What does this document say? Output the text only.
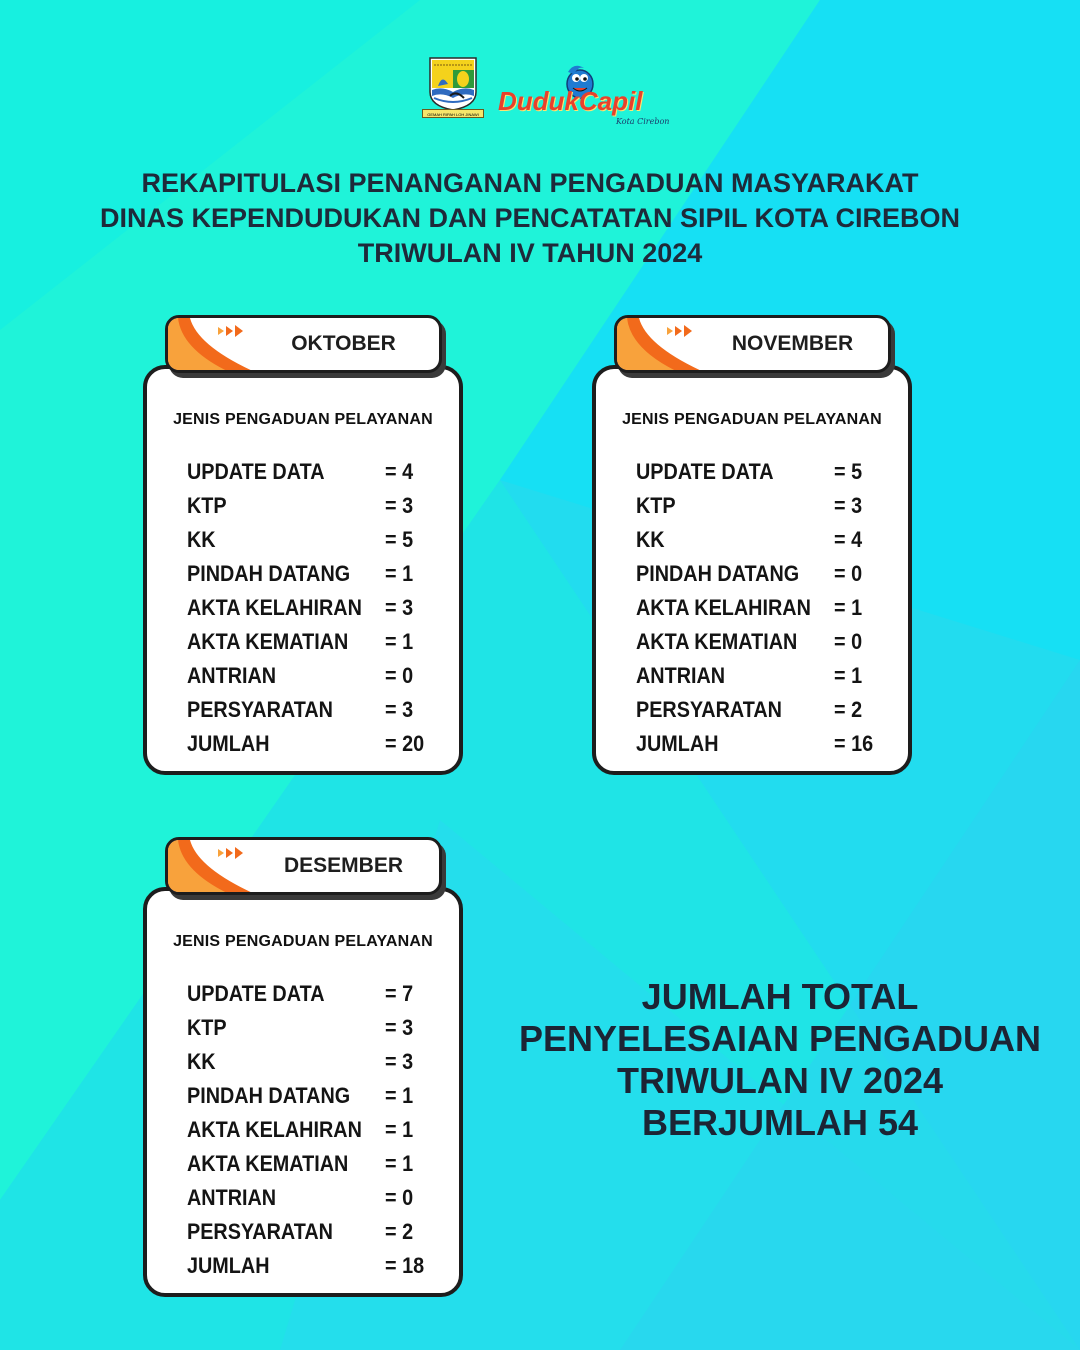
GEMAH RIPAH LOH JINAWI DudukCapil
Kota Cirebon
REKAPITULASI PENANGANAN PENGADUAN MASYARAKAT
DINAS KEPENDUDUKAN DAN PENCATATAN SIPIL KOTA CIREBON
TRIWULAN IV TAHUN 2024
JENIS PENGADUAN PELAYANAN
UPDATE DATA	= 4
KTP	= 3
KK	= 5
PINDAH DATANG = 1
AKTA KELAHIRAN = 3
AKTA KEMATIAN = 1
ANTRIAN	= 0
PERSYARATAN = 3
JUMLAH	= 20
OKTOBER
JENIS PENGADUAN PELAYANAN
UPDATE DATA	= 5
KTP	= 3
KK	= 4
PINDAH DATANG = 0
AKTA KELAHIRAN = 1
AKTA KEMATIAN = 0
ANTRIAN	= 1
PERSYARATAN = 2
JUMLAH	= 16
NOVEMBER
JENIS PENGADUAN PELAYANAN
UPDATE DATA	= 7
KTP	= 3
KK	= 3
PINDAH DATANG = 1
AKTA KELAHIRAN = 1
AKTA KEMATIAN = 1
ANTRIAN	= 0
PERSYARATAN = 2
JUMLAH	= 18
DESEMBER
JUMLAH TOTAL
PENYELESAIAN PENGADUAN
TRIWULAN IV 2024
BERJUMLAH 54
